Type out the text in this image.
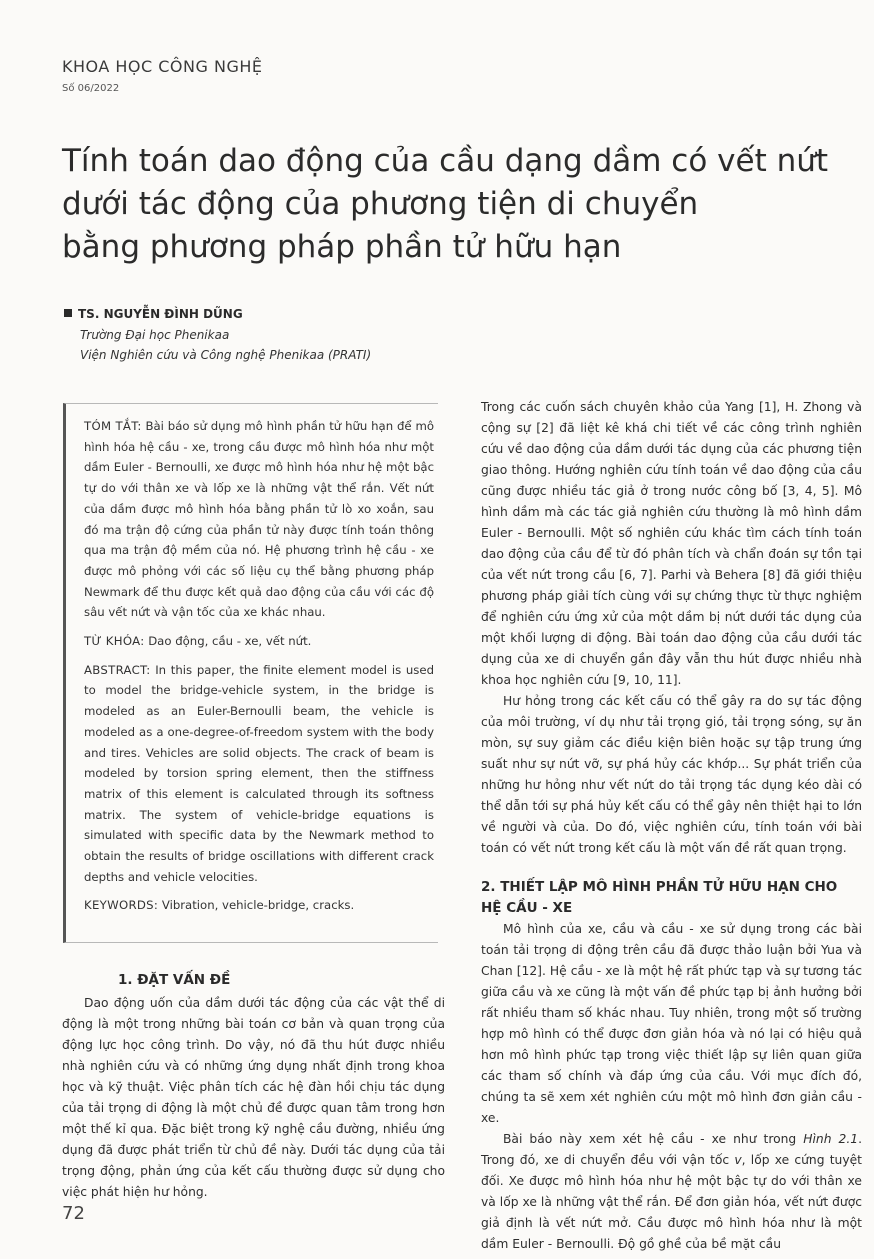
KHOA HỌC CÔNG NGHỆ
Số 06/2022
Tính toán dao động của cầu dạng dầm có vết nứt
dưới tác động của phương tiện di chuyển
bằng phương pháp phần tử hữu hạn
TS. NGUYỄN ĐÌNH DŨNG
Trường Đại học Phenikaa
Viện Nghiên cứu và Công nghệ Phenikaa (PRATI)

TÓM TẮT: Bài báo sử dụng mô hình phần tử hữu hạn để mô hình hóa hệ cầu - xe, trong cầu được mô hình hóa như một dầm Euler - Bernoulli, xe được mô hình hóa như hệ một bậc tự do với thân xe và lốp xe là những vật thể rắn. Vết nứt của dầm được mô hình hóa bằng phần tử lò xo xoắn, sau đó ma trận độ cứng của phần tử này được tính toán thông qua ma trận độ mềm của nó. Hệ phương trình hệ cầu - xe được mô phỏng với các số liệu cụ thể bằng phương pháp Newmark để thu được kết quả dao động của cầu với các độ sâu vết nứt và vận tốc của xe khác nhau.

TỪ KHÓA: Dao động, cầu - xe, vết nứt.

ABSTRACT: In this paper, the finite element model is used to model the bridge-vehicle system, in the bridge is modeled as an Euler-Bernoulli beam, the vehicle is modeled as a one-degree-of-freedom system with the body and tires. Vehicles are solid objects. The crack of beam is modeled by torsion spring element, then the stiffness matrix of this element is calculated through its softness matrix. The system of vehicle-bridge equations is simulated with specific data by the Newmark method to obtain the results of bridge oscillations with different crack depths and vehicle velocities.

KEYWORDS: Vibration, vehicle-bridge, cracks.

1. ĐẶT VẤN ĐỀ

Dao động uốn của dầm dưới tác động của các vật thể di động là một trong những bài toán cơ bản và quan trọng của động lực học công trình. Do vậy, nó đã thu hút được nhiều nhà nghiên cứu và có những ứng dụng nhất định trong khoa học và kỹ thuật. Việc phân tích các hệ đàn hồi chịu tác dụng của tải trọng di động là một chủ đề được quan tâm trong hơn một thế kỉ qua. Đặc biệt trong kỹ nghệ cầu đường, nhiều ứng dụng đã được phát triển từ chủ đề này. Dưới tác dụng của tải trọng động, phản ứng của kết cấu thường được sử dụng cho việc phát hiện hư hỏng.

Trong các cuốn sách chuyên khảo của Yang [1], H. Zhong và cộng sự [2] đã liệt kê khá chi tiết về các công trình nghiên cứu về dao động của dầm dưới tác dụng của các phương tiện giao thông. Hướng nghiên cứu tính toán về dao động của cầu cũng được nhiều tác giả ở trong nước công bố [3, 4, 5]. Mô hình dầm mà các tác giả nghiên cứu thường là mô hình dầm Euler - Bernoulli. Một số nghiên cứu khác tìm cách tính toán dao động của cầu để từ đó phân tích và chẩn đoán sự tồn tại của vết nứt trong cầu [6, 7]. Parhi và Behera [8] đã giới thiệu phương pháp giải tích cùng với sự chứng thực từ thực nghiệm để nghiên cứu ứng xử của một dầm bị nứt dưới tác dụng của một khối lượng di động. Bài toán dao động của cầu dưới tác dụng của xe di chuyển gần đây vẫn thu hút được nhiều nhà khoa học nghiên cứu [9, 10, 11].

Hư hỏng trong các kết cấu có thể gây ra do sự tác động của môi trường, ví dụ như tải trọng gió, tải trọng sóng, sự ăn mòn, sự suy giảm các điều kiện biên hoặc sự tập trung ứng suất như sự nứt vỡ, sự phá hủy các khớp... Sự phát triển của những hư hỏng như vết nứt do tải trọng tác dụng kéo dài có thể dẫn tới sự phá hủy kết cấu có thể gây nên thiệt hại to lớn về người và của. Do đó, việc nghiên cứu, tính toán với bài toán có vết nứt trong kết cấu là một vấn đề rất quan trọng.

2. THIẾT LẬP MÔ HÌNH PHẦN TỬ HỮU HẠN CHO HỆ CẦU - XE

Mô hình của xe, cầu và cầu - xe sử dụng trong các bài toán tải trọng di động trên cầu đã được thảo luận bởi Yua và Chan [12]. Hệ cầu - xe là một hệ rất phức tạp và sự tương tác giữa cầu và xe cũng là một vấn đề phức tạp bị ảnh hưởng bởi rất nhiều tham số khác nhau. Tuy nhiên, trong một số trường hợp mô hình có thể được đơn giản hóa và nó lại có hiệu quả hơn mô hình phức tạp trong việc thiết lập sự liên quan giữa các tham số chính và đáp ứng của cầu. Với mục đích đó, chúng ta sẽ xem xét nghiên cứu một mô hình đơn giản cầu - xe.

Bài báo này xem xét hệ cầu - xe như trong Hình 2.1. Trong đó, xe di chuyển đều với vận tốc v, lốp xe cứng tuyệt đối. Xe được mô hình hóa như hệ một bậc tự do với thân xe và lốp xe là những vật thể rắn. Để đơn giản hóa, vết nứt được giả định là vết nứt mở. Cầu được mô hình hóa như là một dầm Euler - Bernoulli. Độ gồ ghề của bề mặt cầu

72
